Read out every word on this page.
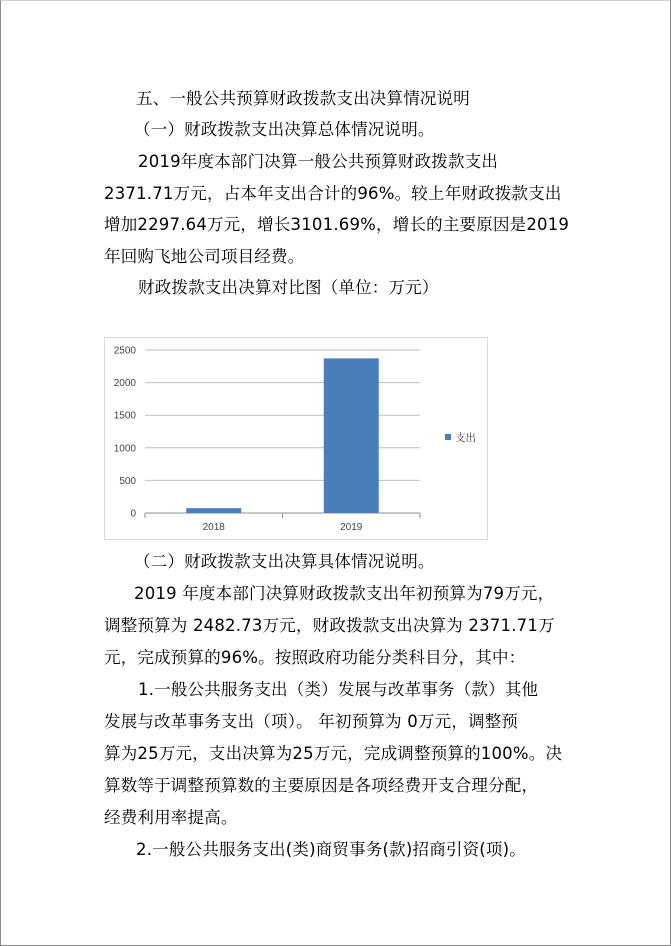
五、一般公共预算财政拨款支出决算情况说明
（一）财政拨款支出决算总体情况说明。
2019年度本部门决算一般公共预算财政拨款支出
2371.71万元，占本年支出合计的96%。较上年财政拨款支出
增加2297.64万元，增长3101.69%，增长的主要原因是2019
年回购飞地公司项目经费。
财政拨款支出决算对比图（单位：万元）
0
500
1000
1500
2000
2500
2018	2019
支出
（二）财政拨款支出决算具体情况说明。
2019 年度本部门决算财政拨款支出年初预算为79万元，
调整预算为 2482.73万元，财政拨款支出决算为 2371.71万
元，完成预算的96%。按照政府功能分类科目分，其中：
1.一般公共服务支出（类）发展与改革事务（款）其他
发展与改革事务支出（项）。 年初预算为 0万元，调整预
算为25万元，支出决算为25万元，完成调整预算的100%。决
算数等于调整预算数的主要原因是各项经费开支合理分配，
经费利用率提高。
2.一般公共服务支出(类)商贸事务(款)招商引资(项)。
